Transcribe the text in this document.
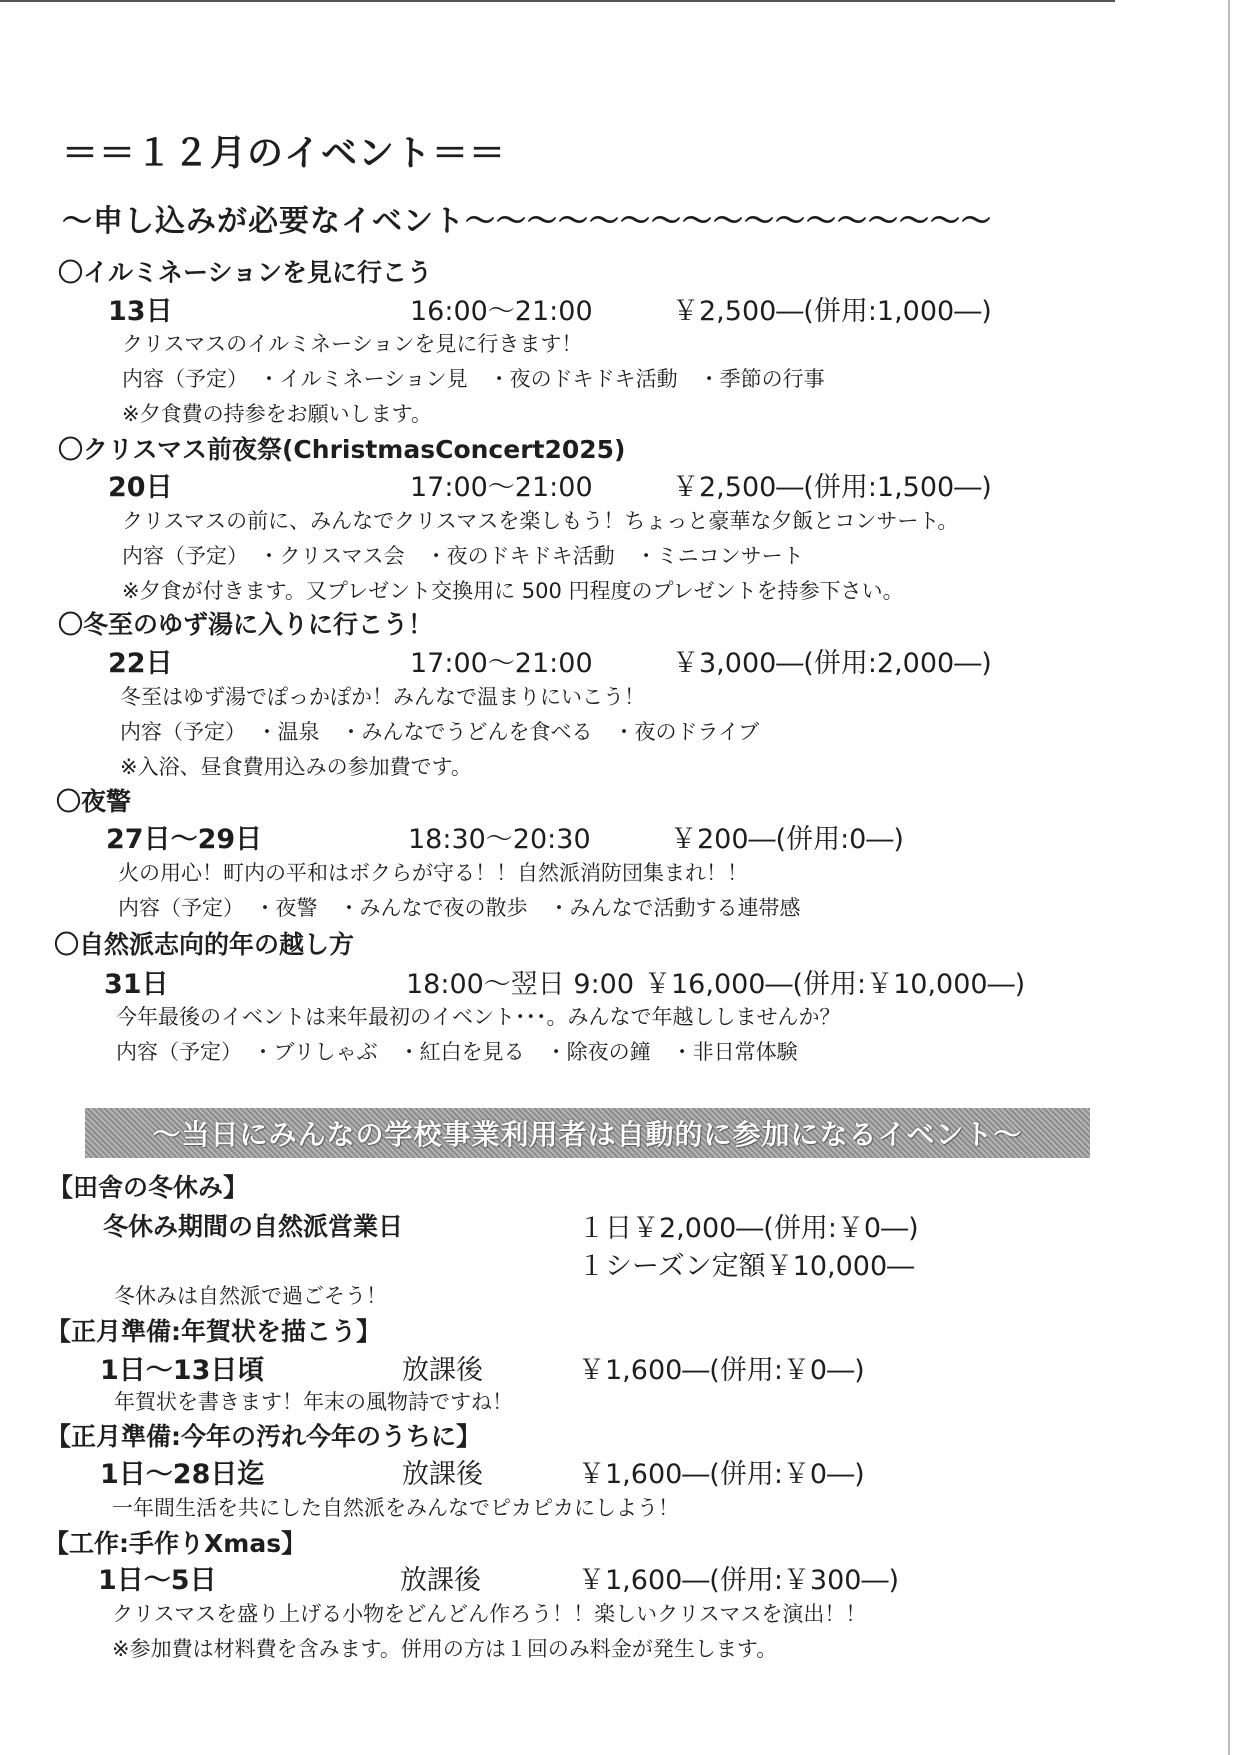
＝＝１２月のイベント＝＝
～申し込みが必要なイベント～～～～～～～～～～～～～～～～～
〇イルミネーションを見に行こう
13日	16:00～21:00	￥2,500―(併用:1,000―)
クリスマスのイルミネーションを見に行きます！
内容（予定）　・イルミネーション見　・夜のドキドキ活動　・季節の行事
※夕食費の持参をお願いします。
〇クリスマス前夜祭(ChristmasConcert2025)
20日	17:00～21:00	￥2,500―(併用:1,500―)
クリスマスの前に、みんなでクリスマスを楽しもう！ちょっと豪華な夕飯とコンサート。
内容（予定）　・クリスマス会　・夜のドキドキ活動　・ミニコンサート
※夕食が付きます。又プレゼント交換用に 500 円程度のプレゼントを持参下さい。
〇冬至のゆず湯に入りに行こう！
22日	17:00～21:00	￥3,000―(併用:2,000―)
冬至はゆず湯でぽっかぽか！みんなで温まりにいこう！
内容（予定）　・温泉　・みんなでうどんを食べる　・夜のドライブ
※入浴、昼食費用込みの参加費です。
〇夜警
27日～29日	18:30～20:30	￥200―(併用:0―)
火の用心！町内の平和はボクらが守る！！自然派消防団集まれ！！
内容（予定）　・夜警　・みんなで夜の散歩　・みんなで活動する連帯感
〇自然派志向的年の越し方
31日	18:00～翌日 9:00 ￥16,000―(併用:￥10,000―)
今年最後のイベントは来年最初のイベント･･･。みんなで年越ししませんか？
内容（予定）　・ブリしゃぶ　・紅白を見る　・除夜の鐘　・非日常体験
～当日にみんなの学校事業利用者は自動的に参加になるイベント～
【田舎の冬休み】
冬休み期間の自然派営業日	１日￥2,000―(併用:￥0―)
１シーズン定額￥10,000―
冬休みは自然派で過ごそう！
【正月準備:年賀状を描こう】
1日～13日頃	放課後	￥1,600―(併用:￥0―)
年賀状を書きます！年末の風物詩ですね！
【正月準備:今年の汚れ今年のうちに】
1日～28日迄	放課後	￥1,600―(併用:￥0―)
一年間生活を共にした自然派をみんなでピカピカにしよう！
【工作:手作りXmas】
1日～5日	放課後	￥1,600―(併用:￥300―)
クリスマスを盛り上げる小物をどんどん作ろう！！楽しいクリスマスを演出！！
※参加費は材料費を含みます。併用の方は１回のみ料金が発生します。
